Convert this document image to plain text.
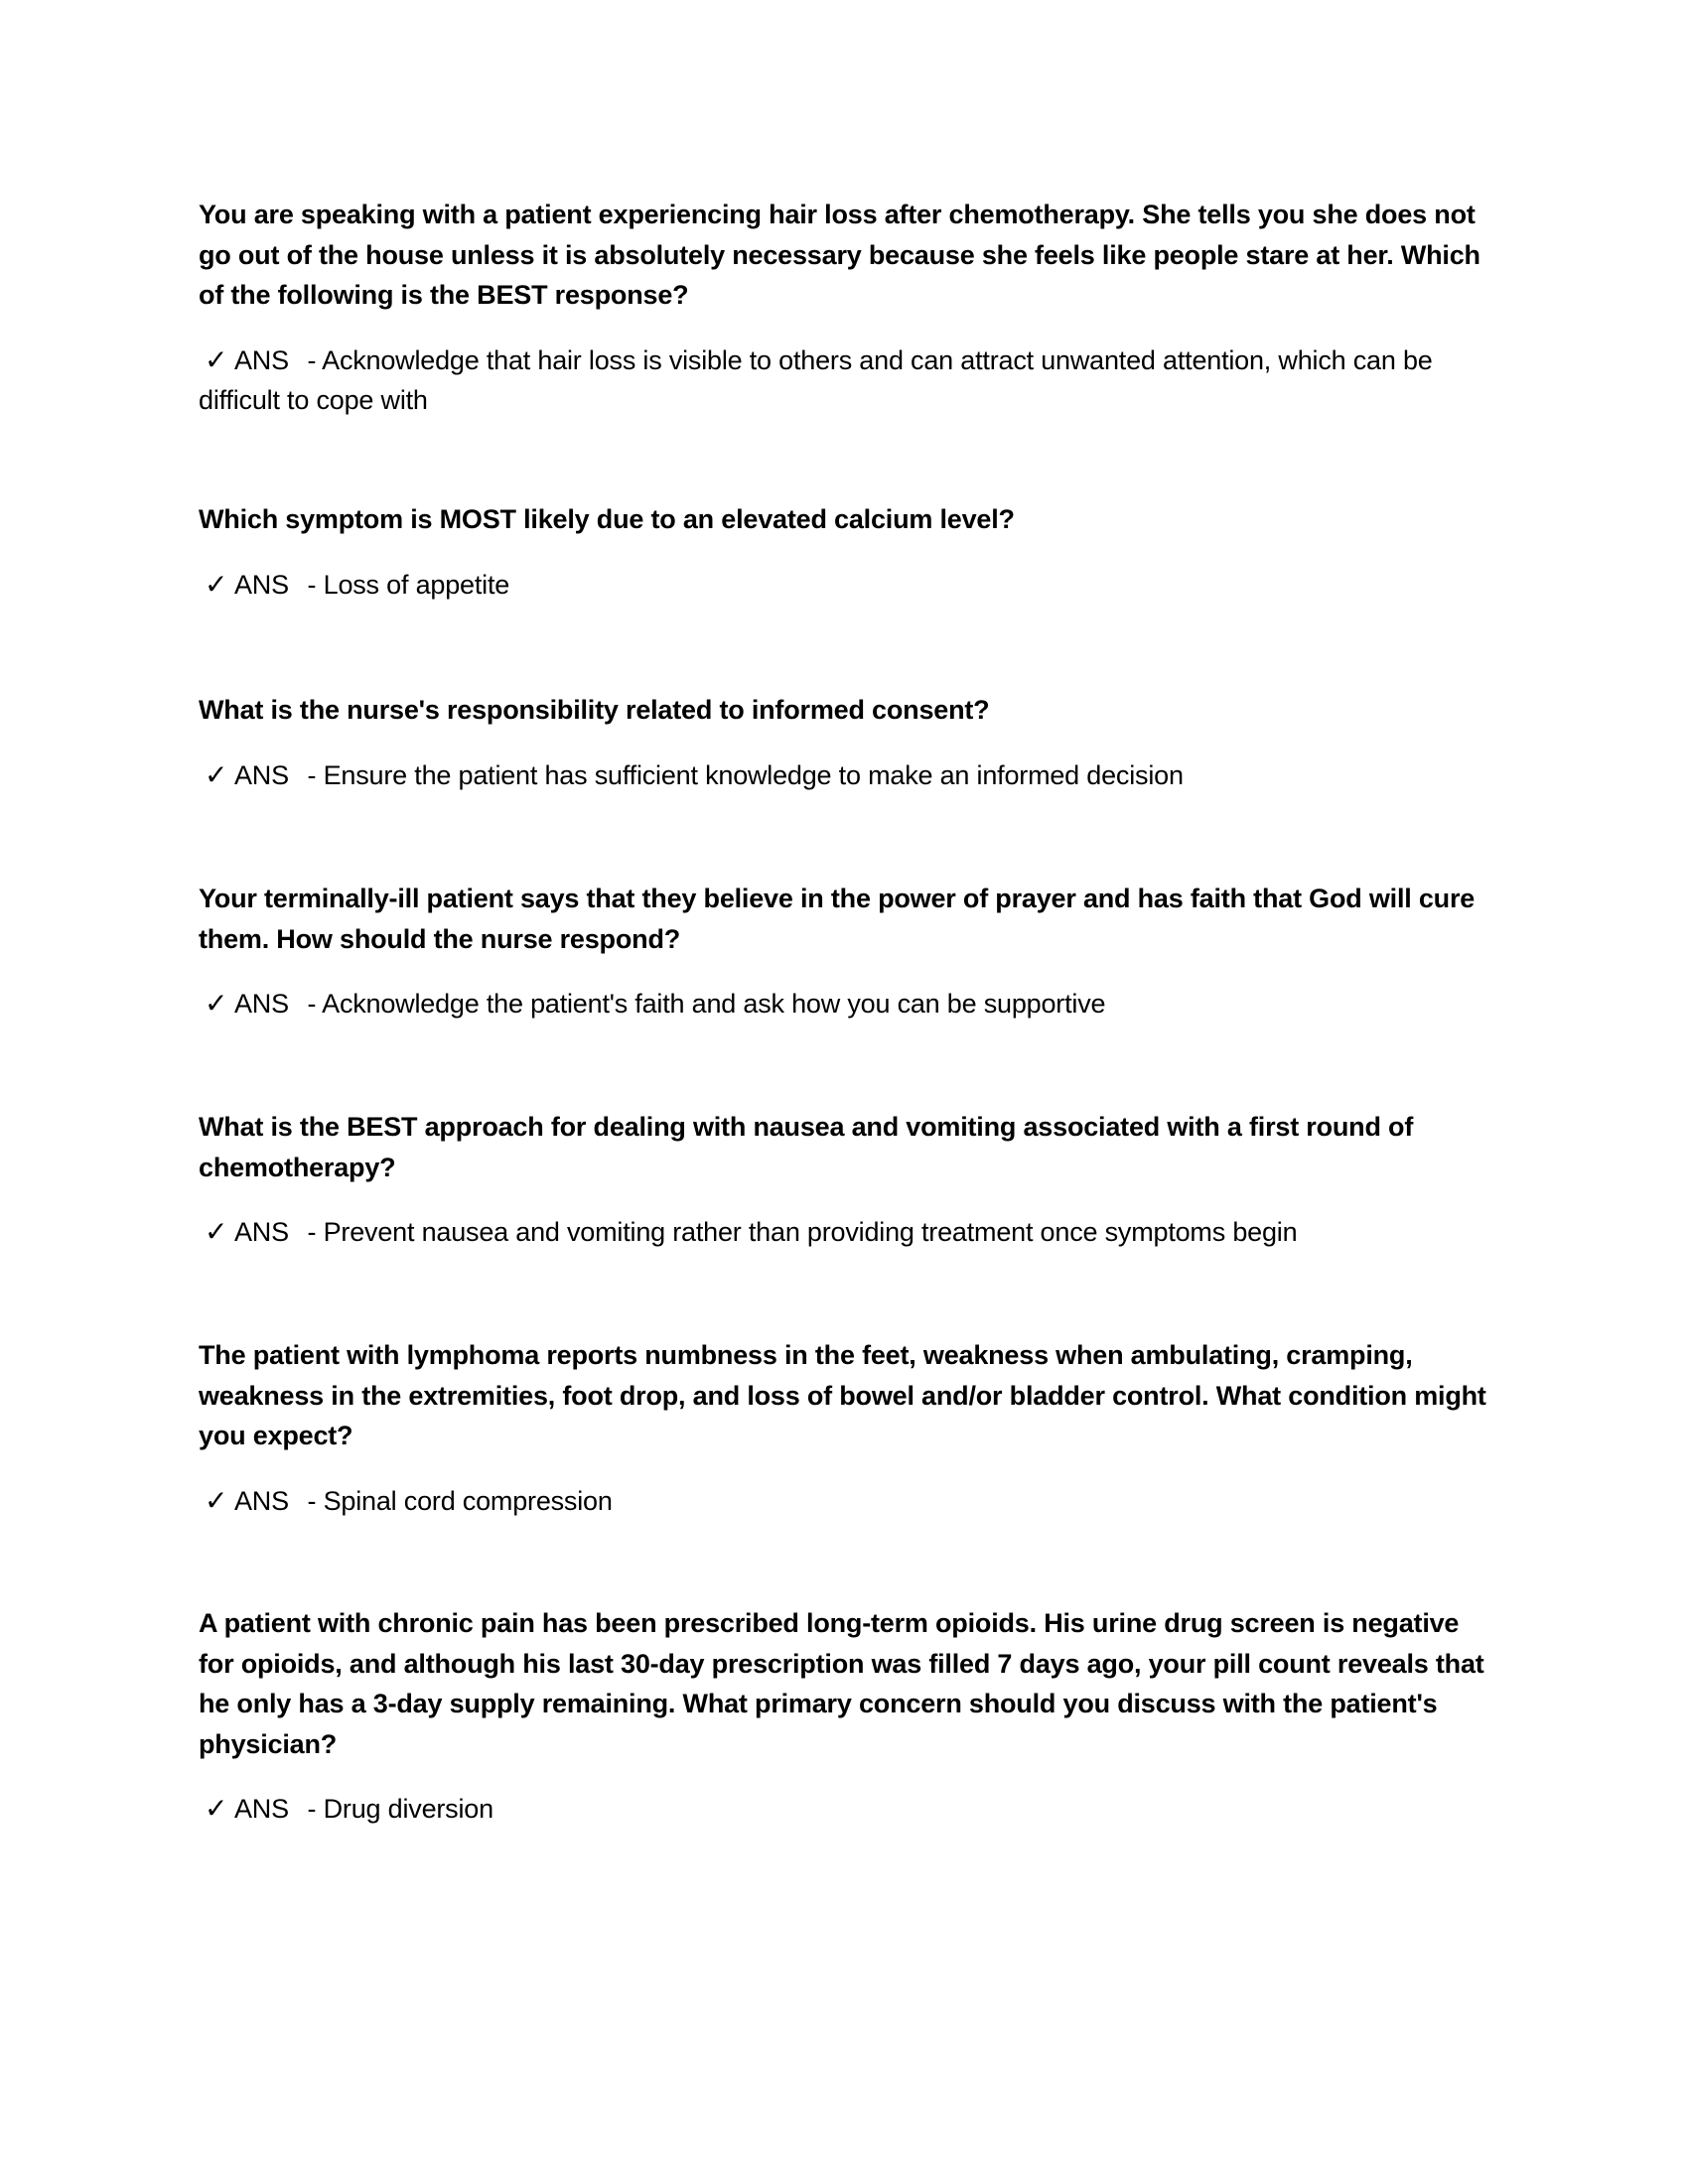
You are speaking with a patient experiencing hair loss after chemotherapy. She tells you she does not go out of the house unless it is absolutely necessary because she feels like people stare at her. Which of the following is the BEST response?

✓ ANS  - Acknowledge that hair loss is visible to others and can attract unwanted attention, which can be difficult to cope with

Which symptom is MOST likely due to an elevated calcium level?

✓ ANS  - Loss of appetite

What is the nurse's responsibility related to informed consent?

✓ ANS  - Ensure the patient has sufficient knowledge to make an informed decision

Your terminally-ill patient says that they believe in the power of prayer and has faith that God will cure them. How should the nurse respond?

✓ ANS  - Acknowledge the patient's faith and ask how you can be supportive

What is the BEST approach for dealing with nausea and vomiting associated with a first round of chemotherapy?

✓ ANS  - Prevent nausea and vomiting rather than providing treatment once symptoms begin

The patient with lymphoma reports numbness in the feet, weakness when ambulating, cramping, weakness in the extremities, foot drop, and loss of bowel and/or bladder control. What condition might you expect?

✓ ANS  - Spinal cord compression

A patient with chronic pain has been prescribed long-term opioids. His urine drug screen is negative for opioids, and although his last 30-day prescription was filled 7 days ago, your pill count reveals that he only has a 3-day supply remaining. What primary concern should you discuss with the patient's physician?

✓ ANS  - Drug diversion
